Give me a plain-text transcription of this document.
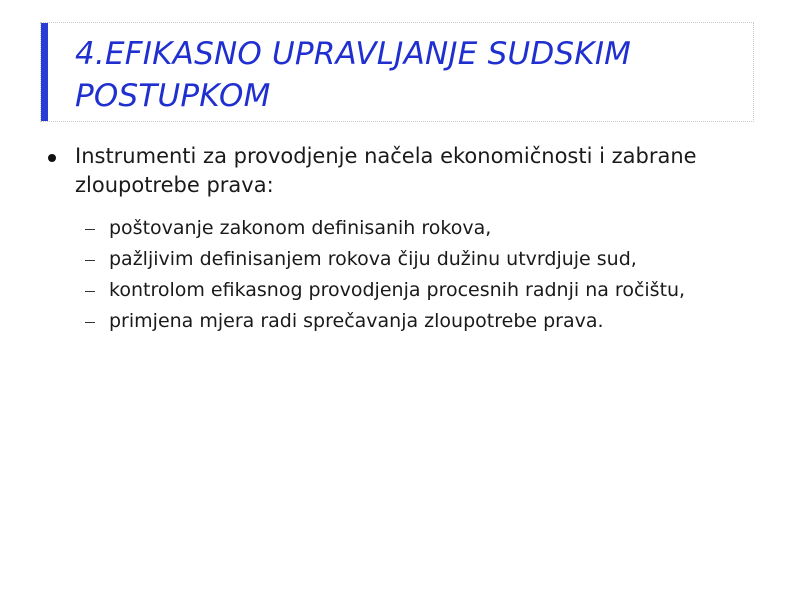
4.EFIKASNO UPRAVLJANJE SUDSKIM POSTUPKOM
Instrumenti za provodjenje načela ekonomičnosti i zabrane zloupotrebe prava:
poštovanje zakonom definisanih rokova,
pažljivim definisanjem rokova čiju dužinu utvrdjuje sud,
kontrolom efikasnog provodjenja procesnih radnji na ročištu,
primjena mjera radi sprečavanja zloupotrebe prava.
